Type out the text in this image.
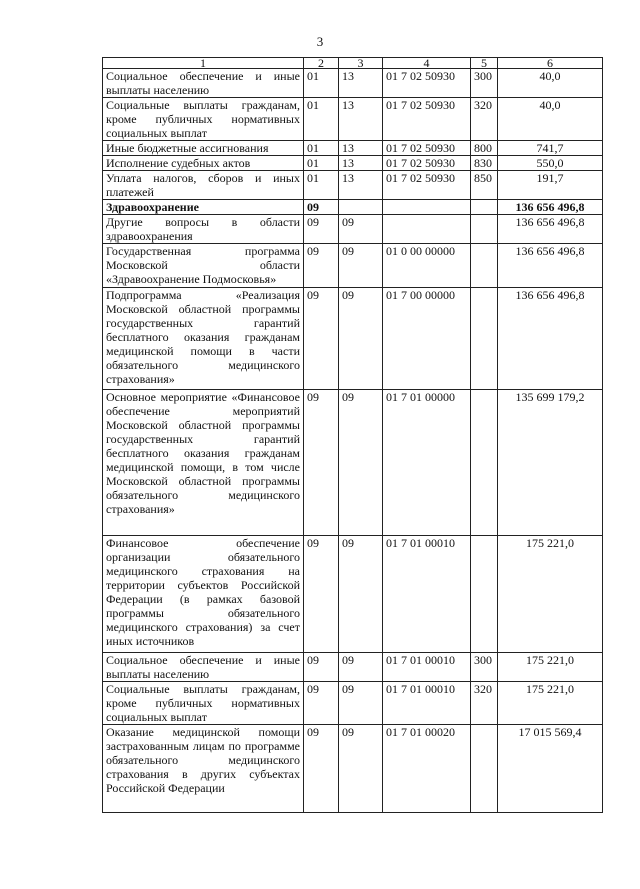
3
1	2	3	4	5	6
Социальное обеспечение и иные выплаты населению	01	13	01 7 02 50930	300	40,0
Социальные выплаты гражданам, кроме публичных нормативных социальных выплат	01	13	01 7 02 50930	320	40,0
Иные бюджетные ассигнования	01	13	01 7 02 50930	800	741,7
Исполнение судебных актов	01	13	01 7 02 50930	830	550,0
Уплата налогов, сборов и иных платежей	01	13	01 7 02 50930	850	191,7
Здравоохранение	09				136 656 496,8
Другие вопросы в области здравоохранения	09	09			136 656 496,8
Государственная программа Московской области «Здравоохранение Подмосковья»	09	09	01 0 00 00000		136 656 496,8
Подпрограмма «Реализация Московской областной программы государственных гарантий бесплатного оказания гражданам медицинской помощи в части обязательного медицинского страхования»	09	09	01 7 00 00000		136 656 496,8
Основное мероприятие «Финансовое обеспечение мероприятий Московской областной программы государственных гарантий бесплатного оказания гражданам медицинской помощи, в том числе Московской областной программы обязательного медицинского страхования»	09	09	01 7 01 00000		135 699 179,2
Финансовое обеспечение организации обязательного медицинского страхования на территории субъектов Российской Федерации (в рамках базовой программы обязательного медицинского страхования) за счет иных источников	09	09	01 7 01 00010		175 221,0
Социальное обеспечение и иные выплаты населению	09	09	01 7 01 00010	300	175 221,0
Социальные выплаты гражданам, кроме публичных нормативных социальных выплат	09	09	01 7 01 00010	320	175 221,0
Оказание медицинской помощи застрахованным лицам по программе обязательного медицинского страхования в других субъектах Российской Федерации	09	09	01 7 01 00020		17 015 569,4
